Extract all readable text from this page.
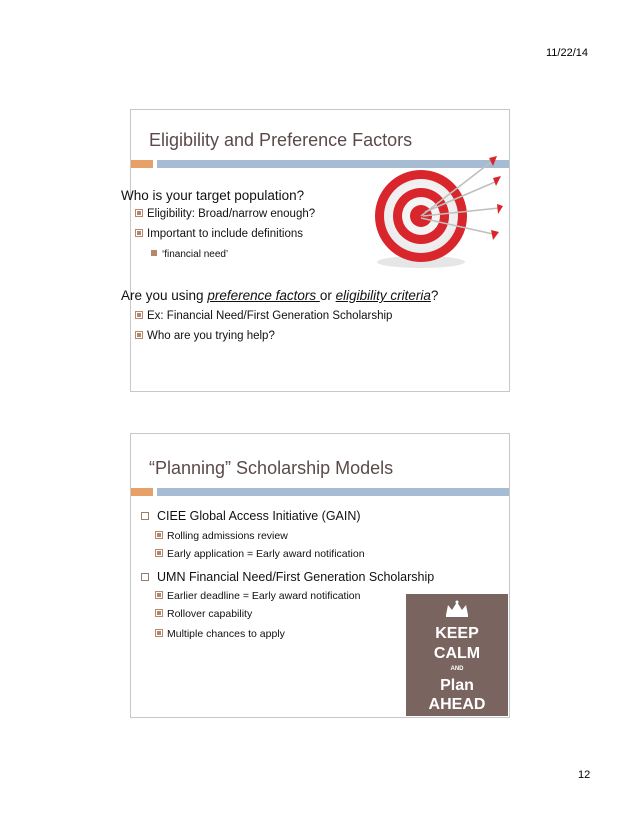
11/22/14
Eligibility and Preference Factors
Who is your target population?
Eligibility: Broad/narrow enough?
Important to include definitions
‘financial need’
Are you using preference factors or eligibility criteria?
Ex: Financial Need/First Generation Scholarship
Who are you trying help?
“Planning” Scholarship Models
CIEE Global Access Initiative (GAIN)
Rolling admissions review
Early application = Early award notification
UMN Financial Need/First Generation Scholarship
Earlier deadline = Early award notification
Rollover capability
Multiple chances to apply	KEEP
CALM
AND
Plan
AHEAD
12
